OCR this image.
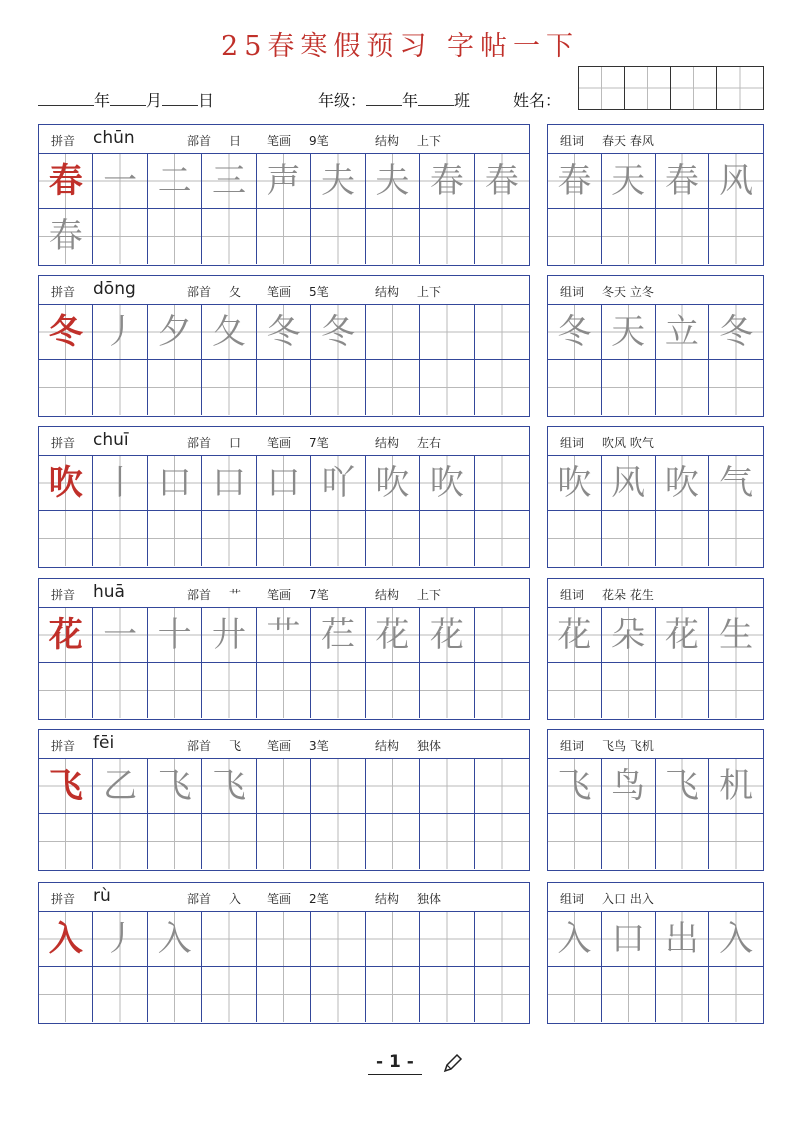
25春寒假预习 字帖一下
年 月 日	年级： 年 班	姓名：
拼音 chūn	部首 日 笔画 9笔	结构 上下
春 一 二 三 声 夫 夫 春 春
春
组词 春天 春风
春 天 春 风
拼音 dōng	部首 夂 笔画 5笔	结构 上下
冬 丿 夕 夂 冬 冬
组词 冬天 立冬
冬 天 立 冬
拼音 chuī	部首 口 笔画 7笔	结构 左右
吹 丨 口 口 口 吖 吹 吹
组词 吹风 吹气
吹 风 吹 气
拼音 huā	部首 艹 笔画 7笔	结构 上下
花 一 十 廾 艹 芢 花 花
组词 花朵 花生
花 朵 花 生
拼音 fēi	部首 飞 笔画 3笔	结构 独体
飞 乙 飞 飞
组词 飞鸟 飞机
飞 鸟 飞 机
拼音 rù	部首 入 笔画 2笔	结构 独体
入 丿 入
组词 入口 出入
入 口 出 入
- 1 -
